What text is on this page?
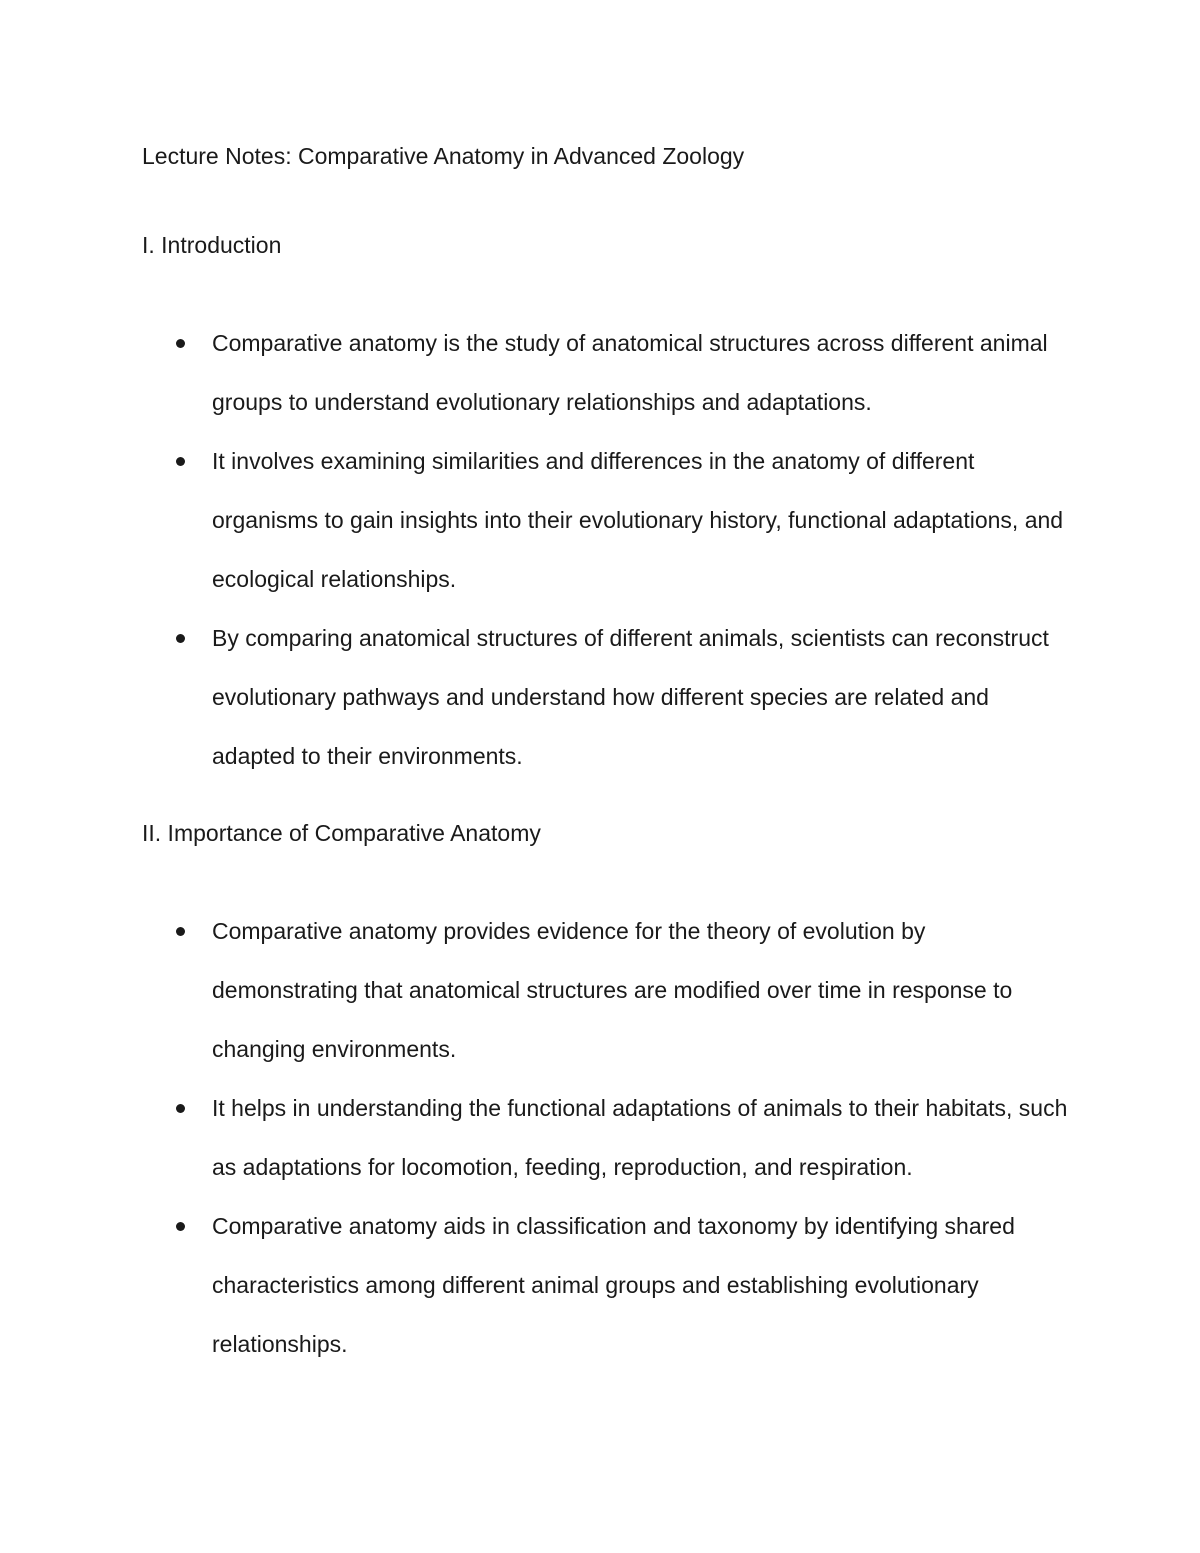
Lecture Notes: Comparative Anatomy in Advanced Zoology
I. Introduction
Comparative anatomy is the study of anatomical structures across different animal groups to understand evolutionary relationships and adaptations.
It involves examining similarities and differences in the anatomy of different organisms to gain insights into their evolutionary history, functional adaptations, and ecological relationships.
By comparing anatomical structures of different animals, scientists can reconstruct evolutionary pathways and understand how different species are related and adapted to their environments.
II. Importance of Comparative Anatomy
Comparative anatomy provides evidence for the theory of evolution by demonstrating that anatomical structures are modified over time in response to changing environments.
It helps in understanding the functional adaptations of animals to their habitats, such as adaptations for locomotion, feeding, reproduction, and respiration.
Comparative anatomy aids in classification and taxonomy by identifying shared characteristics among different animal groups and establishing evolutionary relationships.
